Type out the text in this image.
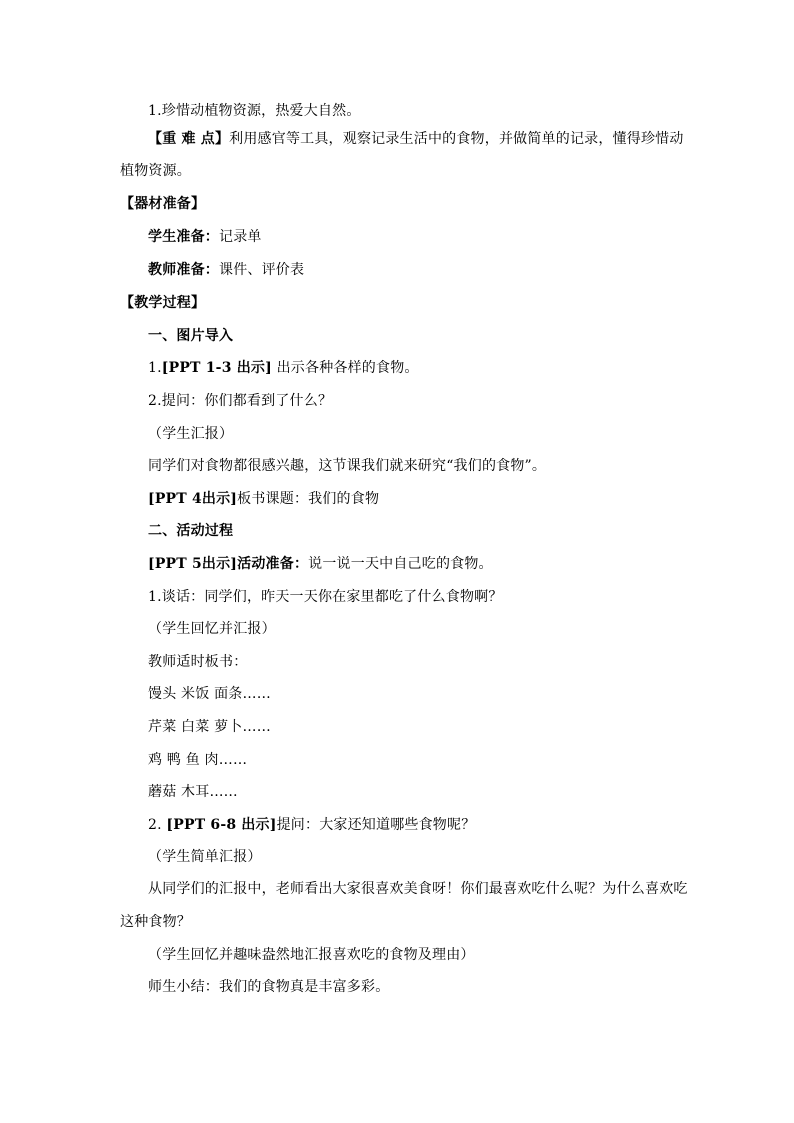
1.珍惜动植物资源，热爱大自然。
【重 难 点】利用感官等工具，观察记录生活中的食物，并做简单的记录，懂得珍惜动
植物资源。
【器材准备】
学生准备：记录单
教师准备：课件、评价表
【教学过程】
一、图片导入
1.[PPT 1-3 出示] 出示各种各样的食物。
2.提问：你们都看到了什么？
（学生汇报）
同学们对食物都很感兴趣，这节课我们就来研究“我们的食物”。
[PPT 4出示]板书课题：我们的食物
二、活动过程
[PPT 5出示]活动准备：说一说一天中自己吃的食物。
1.谈话：同学们，昨天一天你在家里都吃了什么食物啊？
（学生回忆并汇报）
教师适时板书：
馒头 米饭 面条……
芹菜 白菜 萝卜……
鸡 鸭 鱼 肉……
蘑菇 木耳……
2. [PPT 6-8 出示]提问：大家还知道哪些食物呢？
（学生简单汇报）
从同学们的汇报中，老师看出大家很喜欢美食呀！你们最喜欢吃什么呢？为什么喜欢吃
这种食物？
（学生回忆并趣味盎然地汇报喜欢吃的食物及理由）
师生小结：我们的食物真是丰富多彩。
